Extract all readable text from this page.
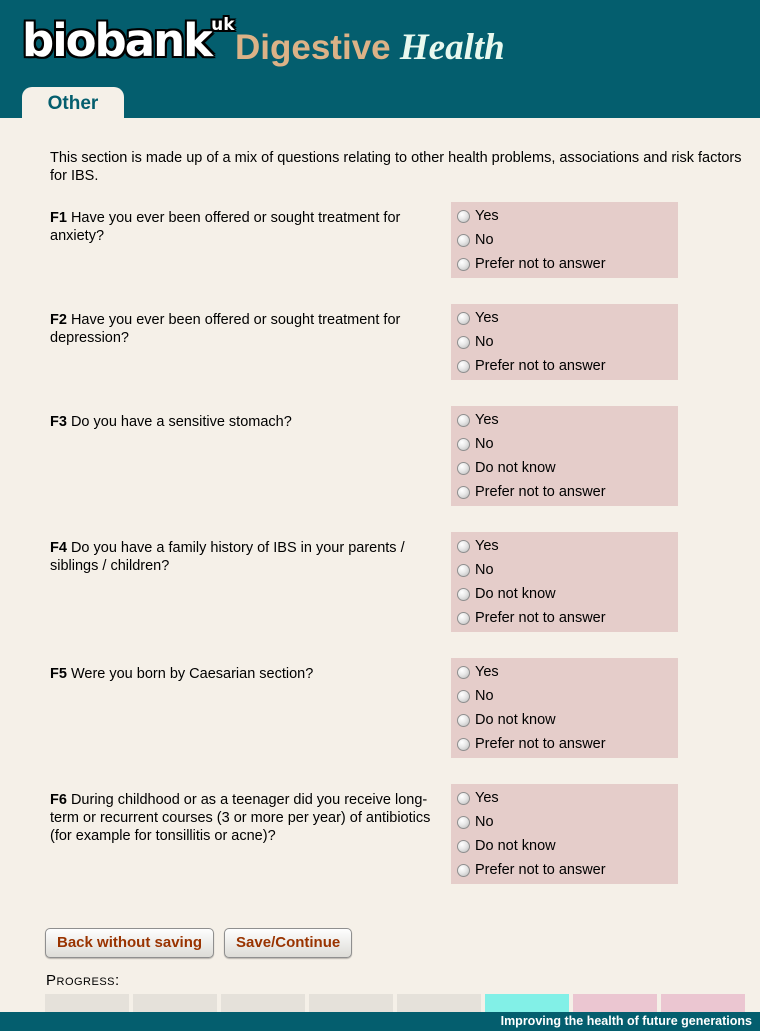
biobank$^{uk}$
Digestive Health
Other

This section is made up of a mix of questions relating to other health problems, associations and risk factors for IBS.

F1 Have you ever been offered or sought treatment for anxiety?
Yes
No
Prefer not to answer
F2 Have you ever been offered or sought treatment for depression?
Yes
No
Prefer not to answer
F3 Do you have a sensitive stomach?	Yes
No
Do not know
Prefer not to answer
F4 Do you have a family history of IBS in your parents / siblings / children?
Yes
No
Do not know
Prefer not to answer
F5 Were you born by Caesarian section?	Yes
No
Do not know
Prefer not to answer
F6 During childhood or as a teenager did you receive long-term or recurrent courses (3 or more per year) of antibiotics (for example for tonsillitis or acne)?
Yes
No
Do not know
Prefer not to answer
Back without saving	Save/Continue
Progress:
Improving the health of future generations
